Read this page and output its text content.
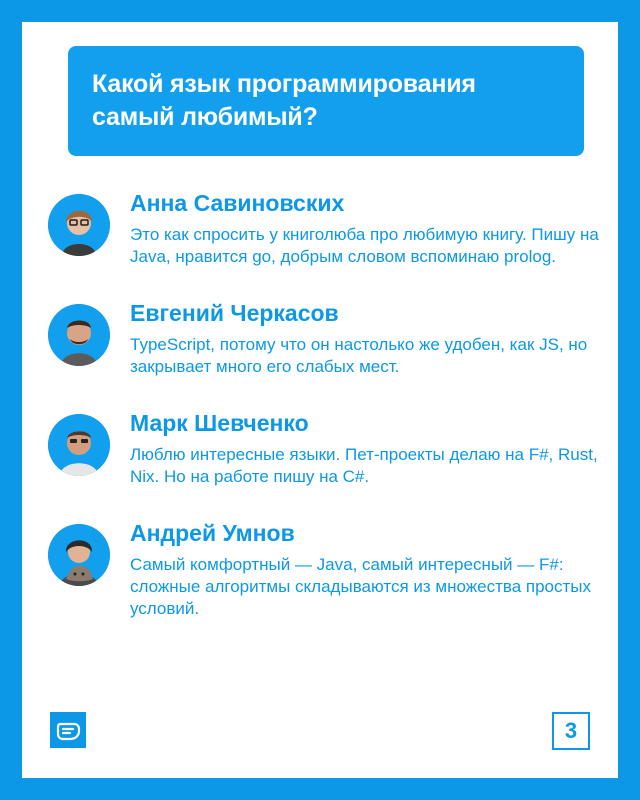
Какой язык программирования самый любимый?
Анна Савиновских

Это как спросить у книголюба про любимую книгу. Пишу на Java, нравится go, добрым словом вспоминаю prolog.

Евгений Черкасов

TypeScript, потому что он настолько же удобен, как JS, но закрывает много его слабых мест.

Марк Шевченко

Люблю интересные языки. Пет-проекты делаю на F#, Rust, Nix. Но на работе пишу на C#.

Андрей Умнов

Самый комфортный — Java, самый интересный — F#: сложные алгоритмы складываются из множества простых условий.

3
